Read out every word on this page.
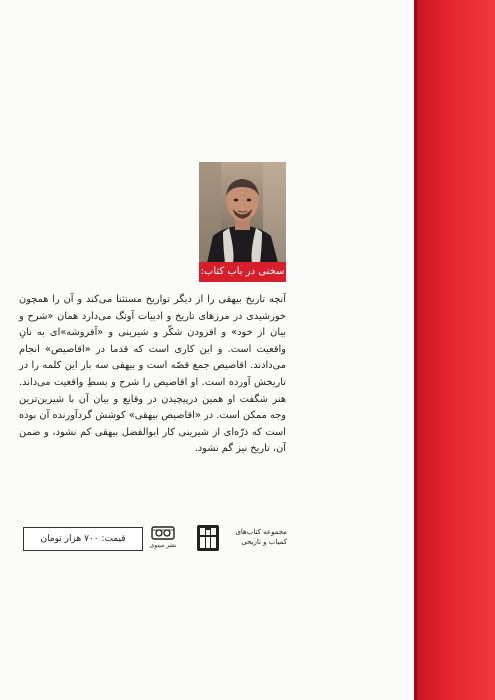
سخنی در باب کتاب:

آنچه تاریخ بیهقی را از دیگر تواریخ مستثنا می‌کند و آن را همچون خورشیدی در مرزهای تاریخ و ادبیات آونگ می‌دارد همان «شرح و بیان از خود» و افزودن شکّر و شیرینی و «آفروشه»‌ای به نانِ واقعیت است. و این کاری است که قدما در «اقاصیص» انجام می‌دادند. اقاصیص جمع قصّه است و بیهقی سه بار این کلمه را در تاریخش آورده است. او اقاصیص را شرح و بسطِ واقعیت می‌داند. هنر شگفت او همین درپیچیدن در وقایع و بیان آن با شیرین‌ترین وجه ممکن است. در «اقاصیص بیهقی» کوشش گردآورنده آن بوده است که ذرّه‌ای از شیرینی کار ابوالفضل بیهقی کم نشود، و ضمن آن، تاریخ نیز گم نشود.

قیمت: ۷۰۰ هزار تومان
نشر مینوی
مجموعه کتاب‌های
کمیاب و تاریخی
